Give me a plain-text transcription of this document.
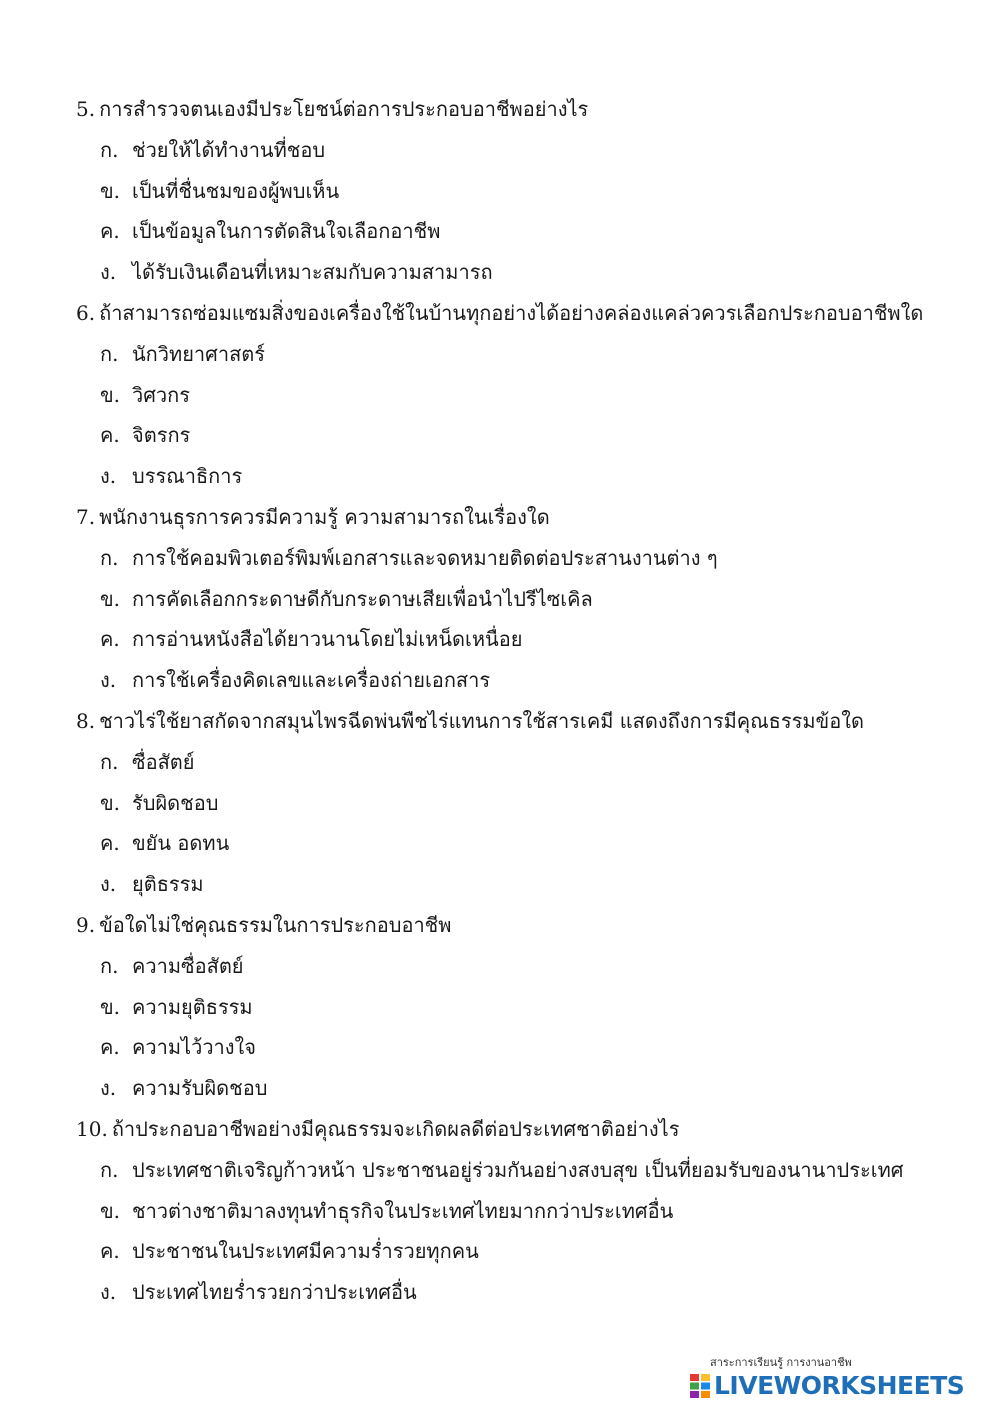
5. การสำรวจตนเองมีประโยชน์ต่อการประกอบอาชีพอย่างไร
ก. ช่วยให้ได้ทำงานที่ชอบ
ข. เป็นที่ชื่นชมของผู้พบเห็น
ค. เป็นข้อมูลในการตัดสินใจเลือกอาชีพ
ง. ได้รับเงินเดือนที่เหมาะสมกับความสามารถ
6. ถ้าสามารถซ่อมแซมสิ่งของเครื่องใช้ในบ้านทุกอย่างได้อย่างคล่องแคล่วควรเลือกประกอบอาชีพใด
ก. นักวิทยาศาสตร์
ข. วิศวกร
ค. จิตรกร
ง. บรรณาธิการ
7. พนักงานธุรการควรมีความรู้ ความสามารถในเรื่องใด
ก. การใช้คอมพิวเตอร์พิมพ์เอกสารและจดหมายติดต่อประสานงานต่าง ๆ
ข. การคัดเลือกกระดาษดีกับกระดาษเสียเพื่อนำไปรีไซเคิล
ค. การอ่านหนังสือได้ยาวนานโดยไม่เหน็ดเหนื่อย
ง. การใช้เครื่องคิดเลขและเครื่องถ่ายเอกสาร
8. ชาวไร่ใช้ยาสกัดจากสมุนไพรฉีดพ่นพืชไร่แทนการใช้สารเคมี แสดงถึงการมีคุณธรรมข้อใด
ก. ซื่อสัตย์
ข. รับผิดชอบ
ค. ขยัน อดทน
ง. ยุติธรรม
9. ข้อใดไม่ใช่คุณธรรมในการประกอบอาชีพ
ก. ความซื่อสัตย์
ข. ความยุติธรรม
ค. ความไว้วางใจ
ง. ความรับผิดชอบ
10. ถ้าประกอบอาชีพอย่างมีคุณธรรมจะเกิดผลดีต่อประเทศชาติอย่างไร
ก. ประเทศชาติเจริญก้าวหน้า ประชาชนอยู่ร่วมกันอย่างสงบสุข เป็นที่ยอมรับของนานาประเทศ
ข. ชาวต่างชาติมาลงทุนทำธุรกิจในประเทศไทยมากกว่าประเทศอื่น
ค. ประชาชนในประเทศมีความร่ำรวยทุกคน
ง. ประเทศไทยร่ำรวยกว่าประเทศอื่น
สาระการเรียนรู้ การงานอาชีพ
LIVEWORKSHEETS
